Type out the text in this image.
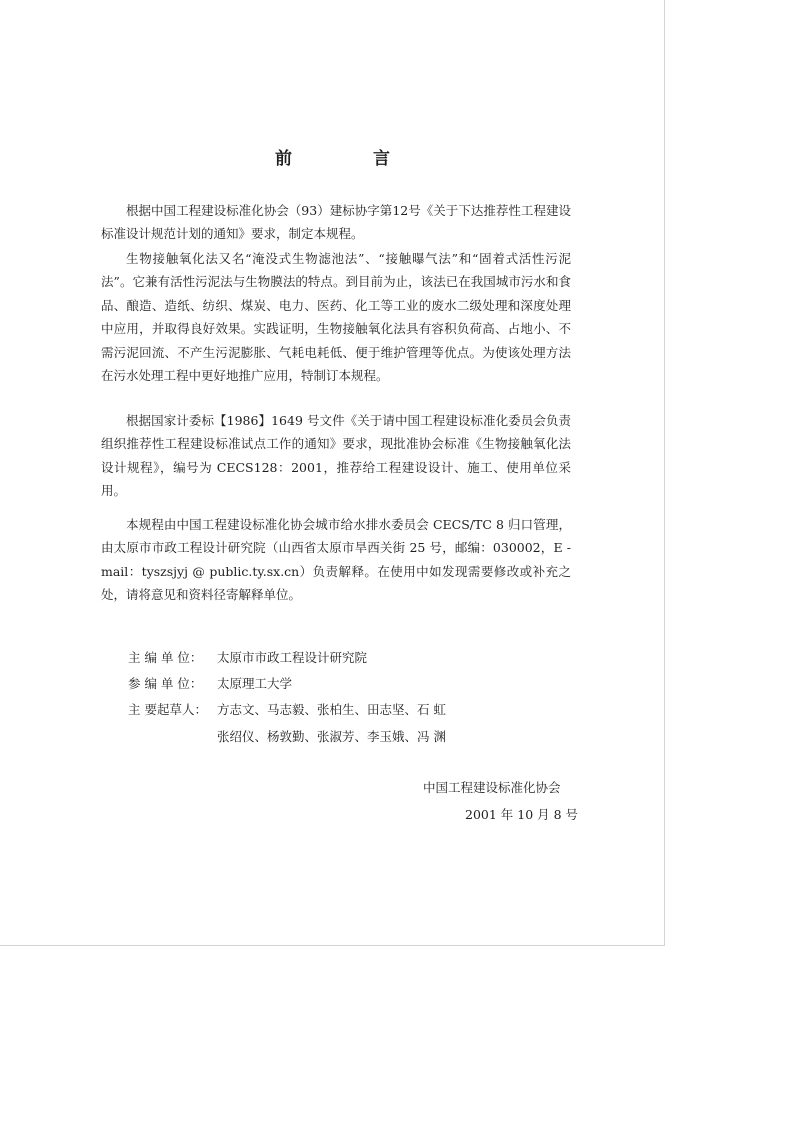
前　言

根据中国工程建设标准化协会（93）建标协字第12号《关于下达推荐性工程建设标准设计规范计划的通知》要求，制定本规程。

生物接触氧化法又名“淹没式生物滤池法”、“接触曝气法”和“固着式活性污泥法”。它兼有活性污泥法与生物膜法的特点。到目前为止，该法已在我国城市污水和食品、酿造、造纸、纺织、煤炭、电力、医药、化工等工业的废水二级处理和深度处理中应用，并取得良好效果。实践证明，生物接触氧化法具有容积负荷高、占地小、不需污泥回流、不产生污泥膨胀、气耗电耗低、便于维护管理等优点。为使该处理方法在污水处理工程中更好地推广应用，特制订本规程。

根据国家计委标【1986】1649 号文件《关于请中国工程建设标准化委员会负责组织推荐性工程建设标准试点工作的通知》要求，现批准协会标准《生物接触氧化法设计规程》，编号为 CECS128：2001，推荐给工程建设设计、施工、使用单位采用。

本规程由中国工程建设标准化协会城市给水排水委员会 CECS/TC 8 归口管理，由太原市市政工程设计研究院（山西省太原市旱西关街 25 号，邮编：030002，E - mail：tyszsjyj @ public.ty.sx.cn）负责解释。在使用中如发现需要修改或补充之处，请将意见和资料径寄解释单位。

主 编 单 位： 太原市市政工程设计研究院
参 编 单 位： 太原理工大学
主 要起草人： 方志文、马志毅、张柏生、田志坚、石 虹
张绍仪、杨敦勤、张淑芳、李玉娥、冯 渊
中国工程建设标准化协会
2001 年 10 月 8 号
